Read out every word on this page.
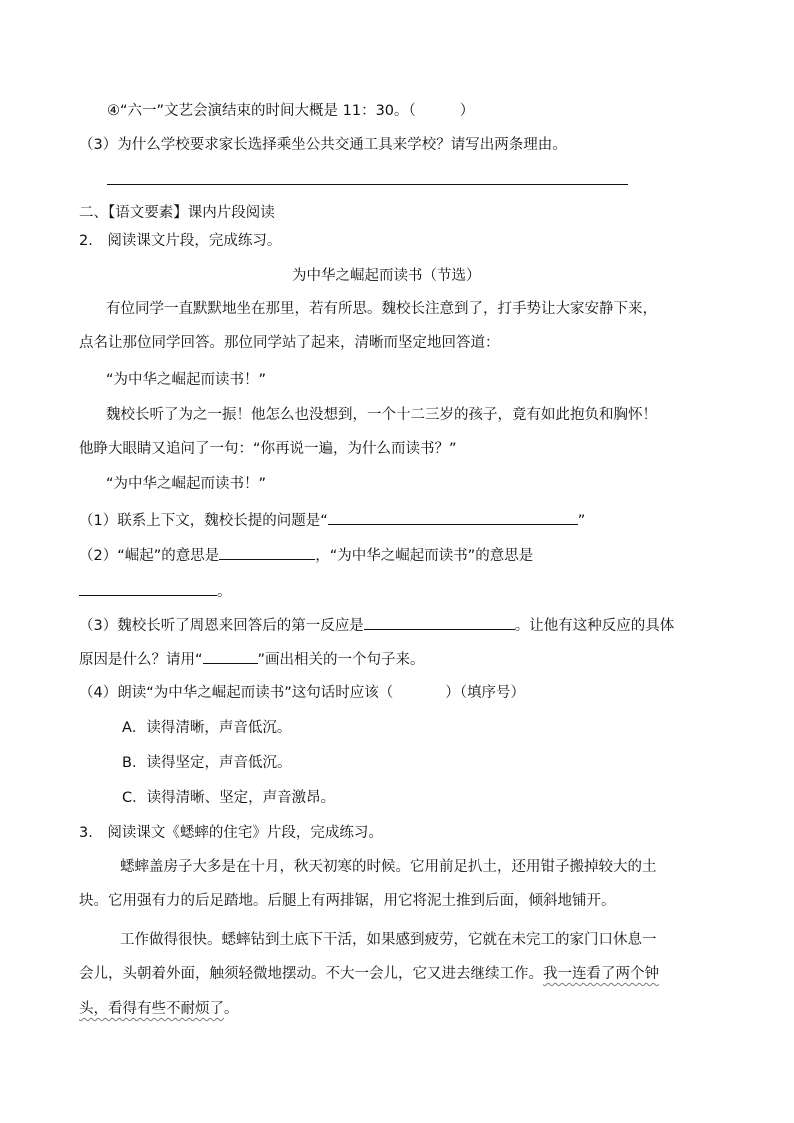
④“六一”文艺会演结束的时间大概是 11：30。（	）
（3）为什么学校要求家长选择乘坐公共交通工具来学校？请写出两条理由。
二、【语文要素】课内片段阅读
2.　阅读课文片段，完成练习。
为中华之崛起而读书（节选）
有位同学一直默默地坐在那里，若有所思。魏校长注意到了，打手势让大家安静下来，
点名让那位同学回答。那位同学站了起来，清晰而坚定地回答道：
“为中华之崛起而读书！”
魏校长听了为之一振！他怎么也没想到，一个十二三岁的孩子，竟有如此抱负和胸怀！
他睁大眼睛又追问了一句：“你再说一遍，为什么而读书？”
“为中华之崛起而读书！”
（1）联系上下文，魏校长提的问题是“	”
（2）“崛起”的意思是	，“为中华之崛起而读书”的意思是
。
（3）魏校长听了周恩来回答后的第一反应是	。让他有这种反应的具体
原因是什么？请用“	”画出相关的一个句子来。
（4）朗读“为中华之崛起而读书”这句话时应该（	）（填序号）
A．读得清晰，声音低沉。
B．读得坚定，声音低沉。
C．读得清晰、坚定，声音激昂。
3.　阅读课文《蟋蟀的住宅》片段，完成练习。
蟋蟀盖房子大多是在十月，秋天初寒的时候。它用前足扒土，还用钳子搬掉较大的土
块。它用强有力的后足踏地。后腿上有两排锯，用它将泥土推到后面，倾斜地铺开。
工作做得很快。蟋蟀钻到土底下干活，如果感到疲劳，它就在未完工的家门口休息一
会儿，头朝着外面，触须轻微地摆动。不大一会儿，它又进去继续工作。我一连看了两个钟
头，看得有些不耐烦了。
